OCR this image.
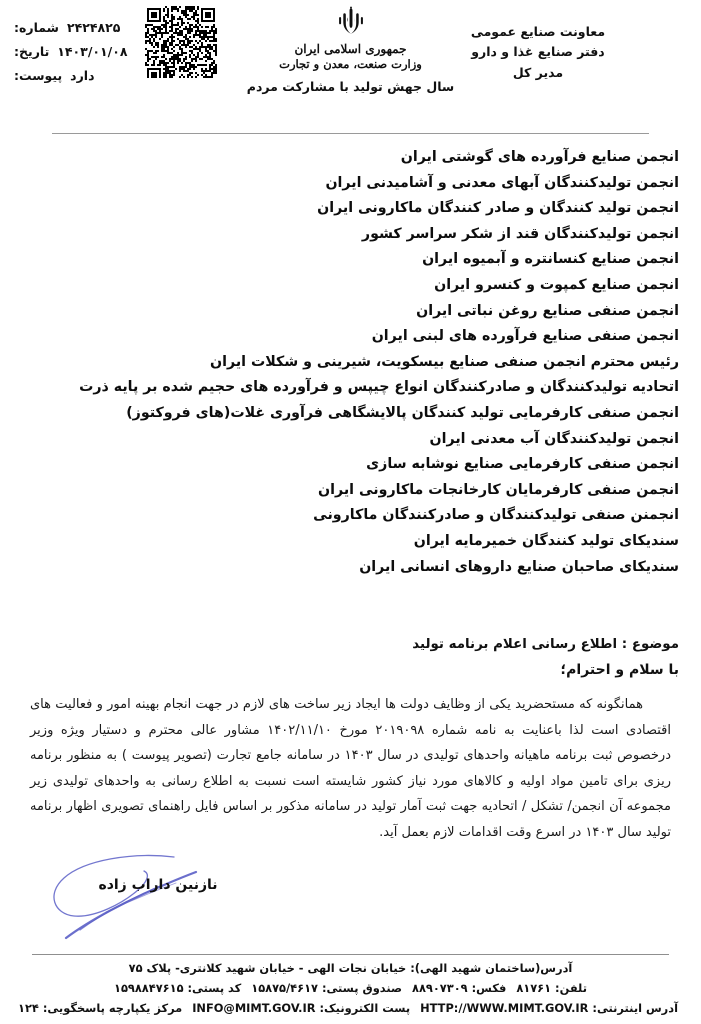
۲۴۲۴۸۲۵
شماره:
۱۴۰۳/۰۱/۰۸
تاریخ:
دارد
پیوست:
جمهوری اسلامی ایران
وزارت صنعت، معدن و تجارت
سال جهش تولید با مشارکت مردم
معاونت صنایع عمومی
دفتر صنایع غذا و دارو
مدیر کل
انجمن صنایع فرآورده های گوشتی ایران
انجمن تولیدکنندگان آبهای معدنی و آشامیدنی ایران
انجمن تولید کنندگان و صادر کنندگان ماکارونی ایران
انجمن تولیدکنندگان قند از شکر سراسر کشور
انجمن صنایع کنسانتره و آبمیوه ایران
انجمن صنایع کمپوت و کنسرو ایران
انجمن صنفی صنایع روغن نباتی ایران
انجمن صنفی صنایع فرآورده های لبنی ایران
رئیس محترم انجمن صنفی صنایع بیسکویت، شیرینی و شکلات ایران
اتحادیه تولیدکنندگان و صادرکنندگان انواع چیپس و فرآورده های حجیم شده بر پایه ذرت
انجمن صنفی کارفرمایی تولید کنندگان پالایشگاهی فرآوری غلات(های فروکتوز)
انجمن تولیدکنندگان آب معدنی ایران
انجمن صنفی کارفرمایی صنایع نوشابه سازی
انجمن صنفی کارفرمایان کارخانجات ماکارونی ایران
انجمنن صنفی تولیدکنندگان و صادرکنندگان ماکارونی
سندیکای تولید کنندگان خمیرمایه ایران
سندیکای صاحبان صنایع داروهای انسانی ایران
موضوع : اطلاع رسانی اعلام برنامه تولید
با سلام و احترام؛

همانگونه که مستحضرید یکی از وظایف دولت ها ایجاد زیر ساخت های لازم در جهت انجام بهینه امور و فعالیت های اقتصادی است لذا باعنایت به نامه شماره ۲۰۱۹۰۹۸ مورخ ۱۴۰۲/۱۱/۱۰ مشاور عالی محترم و دستیار ویژه وزیر درخصوص ثبت برنامه ماهیانه واحدهای تولیدی در سال ۱۴۰۳ در سامانه جامع تجارت (تصویر پیوست ) به منظور برنامه ریزی برای تامین مواد اولیه و کالاهای مورد نیاز کشور شایسته است نسبت به اطلاع رسانی به واحدهای تولیدی زیر مجموعه آن انجمن/ تشکل / اتحادیه جهت ثبت آمار تولید در سامانه مذکور بر اساس فایل راهنمای تصویری اظهار برنامه تولید سال ۱۴۰۳ در اسرع وقت اقدامات لازم بعمل آید.

نازنین داراب زاده
آدرس(ساختمان شهید الهی): خیابان نجات الهی - خیابان شهید کلانتری- پلاک ۷۵
تلفن: ۸۱۷۶۱ فکس: ۸۸۹۰۷۳۰۹ صندوق پستی: ۱۵۸۷۵/۴۶۱۷ کد پستی: ۱۵۹۸۸۴۷۶۱۵
آدرس اینترنتی: HTTP://WWW.MIMT.GOV.IR پست الکترونیک: INFO@MIMT.GOV.IR مرکز یکپارچه پاسخگویی: ۱۲۴
